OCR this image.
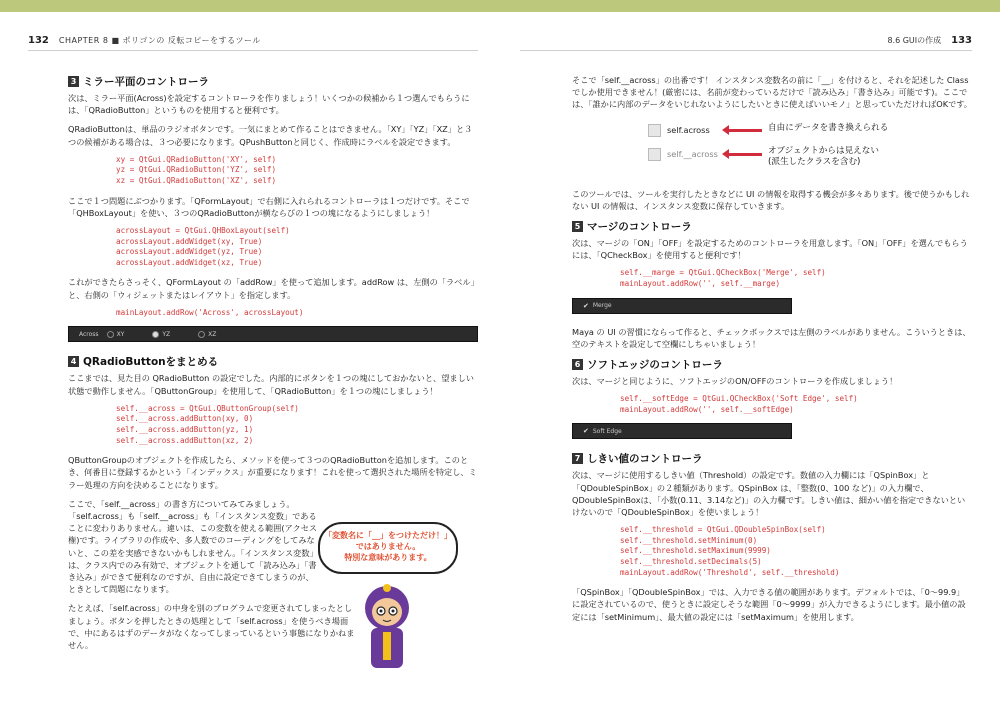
132 CHAPTER 8 ■ ポリゴンの 反転コピーをするツール
3 ミラー平面のコントローラ

次は、ミラー平面(Across)を設定するコントローラを作りましょう！いくつかの候補から１つ選んでもらうには、「QRadioButton」というものを使用すると便利です。

QRadioButtonは、単品のラジオボタンです。一気にまとめて作ることはできません。「XY」「YZ」「XZ」と３つの候補がある場合は、３つ必要になります。QPushButtonと同じく、作成時にラベルを設定できます。

xy = QtGui.QRadioButton('XY', self)
yz = QtGui.QRadioButton('YZ', self)
xz = QtGui.QRadioButton('XZ', self)

ここで１つ問題にぶつかります。「QFormLayout」で右側に入れられるコントローラは１つだけです。そこで「QHBoxLayout」を使い、３つのQRadioButtonが横ならびの１つの塊になるようにしましょう！

acrossLayout = QtGui.QHBoxLayout(self)
acrossLayout.addWidget(xy, True)
acrossLayout.addWidget(yz, True)
acrossLayout.addWidget(xz, True)

これができたらさっそく、QFormLayout の「addRow」を使って追加します。addRow は、左側の「ラベル」と、右側の「ウィジェットまたはレイアウト」を指定します。

mainLayout.addRow('Across', acrossLayout)
Across	XY	YZ	XZ
4 QRadioButtonをまとめる

ここまでは、見た目の QRadioButton の設定でした。内部的にボタンを１つの塊にしておかないと、望ましい状態で動作しません。「QButtonGroup」を使用して、「QRadioButton」を１つの塊にしましょう！

self.__across = QtGui.QButtonGroup(self)
self.__across.addButton(xy, 0)
self.__across.addButton(yz, 1)
self.__across.addButton(xz, 2)

QButtonGroupのオブジェクトを作成したら、メソッドを使って３つのQRadioButtonを追加します。このとき、何番目に登録するかという「インデックス」が重要になります！これを使って選択された場所を特定し、ミラー処理の方向を決めることになります。

ここで、「self.__across」の書き方についてみてみましょう。「self.across」も「self.__across」も「インスタンス変数」であることに変わりありません。違いは、この変数を使える範囲(アクセス権)です。ライブラリの作成や、多人数でのコーディングをしてみないと、この差を実感できないかもしれません。「インスタンス変数」は、クラス内でのみ有効で、オブジェクトを通して「読み込み」「書き込み」ができて便利なのですが、自由に設定できてしまうのが、ときとして問題になります。

たとえば、「self.across」の中身を別のプログラムで変更されてしまったとしましょう。ボタンを押したときの処理として「self.across」を使うべき場面で、中にあるはずのデータがなくなってしまっているという事態になりかねません。

「変数名に「__」をつけただけ！」
ではありません。
特別な意味があります。
8.6 GUIの作成 133

そこで「self.__across」の出番です！ インスタンス変数名の前に「__」を付けると、それを記述した Class でしか使用できません！(厳密には、名前が変わっているだけで「読み込み」「書き込み」可能です)。ここでは、「誰かに内部のデータをいじれないようにしたいときに使えばいいモノ」と思っていただければOKです。

self.across	自由にデータを書き換えられる
self.__across	オブジェクトからは見えない
(派生したクラスを含む)

このツールでは、ツールを実行したときなどに UI の情報を取得する機会が多々あります。後で使うかもしれない UI の情報は、インスタンス変数に保存していきます。

5 マージのコントローラ

次は、マージの「ON」「OFF」を設定するためのコントローラを用意します。「ON」「OFF」を選んでもらうには、「QCheckBox」を使用すると便利です！

self.__marge = QtGui.QCheckBox('Merge', self)
mainLayout.addRow('', self.__marge)
✔ Merge

Maya の UI の習慣にならって作ると、チェックボックスでは左側のラベルがありません。こういうときは、空のテキストを設定して空欄にしちゃいましょう！

6 ソフトエッジのコントローラ

次は、マージと同じように、ソフトエッジのON/OFFのコントローラを作成しましょう！

self.__softEdge = QtGui.QCheckBox('Soft Edge', self)
mainLayout.addRow('', self.__softEdge)
✔ Soft Edge
7 しきい値のコントローラ

次は、マージに使用するしきい値（Threshold）の設定です。数値の入力欄には「QSpinBox」と「QDoubleSpinBox」の２種類があります。QSpinBox は、「整数(0、100 など)」の入力欄で、QDoubleSpinBoxは、「小数(0.11、3.14など)」の入力欄です。しきい値は、細かい値を指定できないといけないので「QDoubleSpinBox」を使いましょう！

self.__threshold = QtGui.QDoubleSpinBox(self)
self.__threshold.setMinimum(0)
self.__threshold.setMaximum(9999)
self.__threshold.setDecimals(5)
mainLayout.addRow('Threshold', self.__threshold)

「QSpinBox」「QDoubleSpinBox」では、入力できる値の範囲があります。デフォルトでは、「0～99.9」に設定されているので、使うときに設定しそうな範囲「0～9999」が入力できるようにします。最小値の設定には「setMinimum」、最大値の設定には「setMaximum」を使用します。
